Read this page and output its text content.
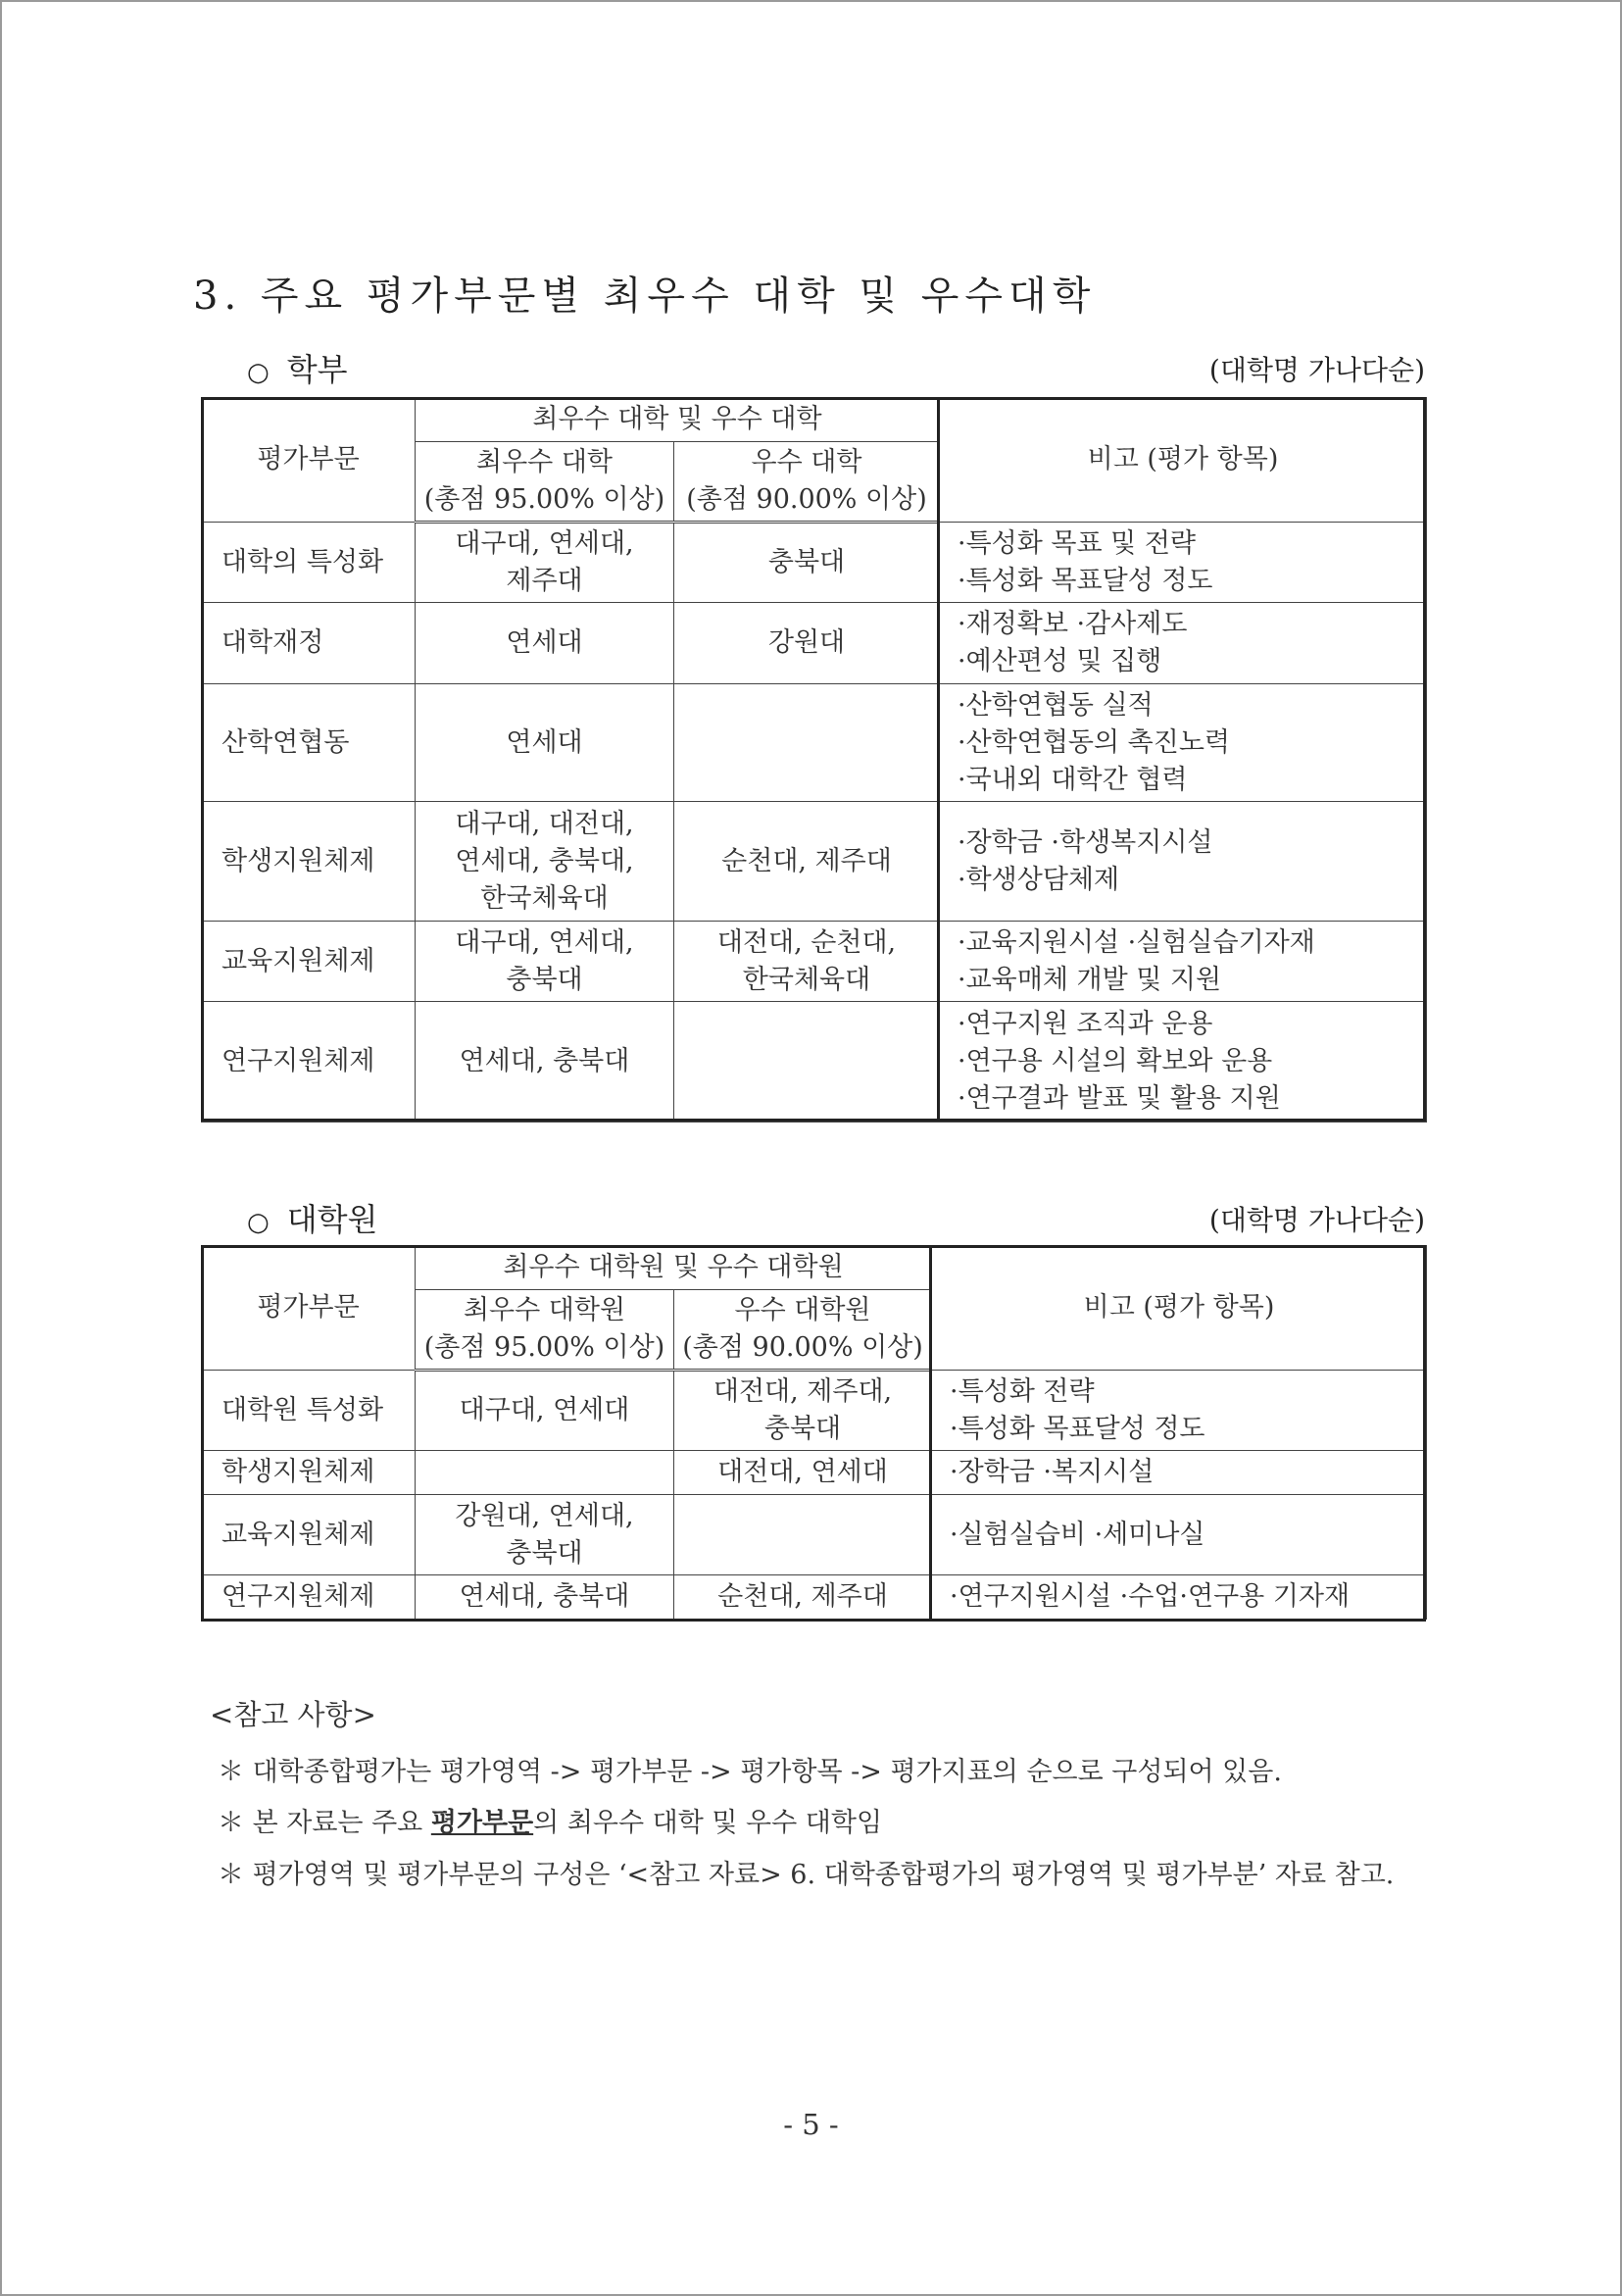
3. 주요 평가부문별 최우수 대학 및 우수대학
○ 학부	(대학명 가나다순)
평가부문	최우수 대학 및 우수 대학		비고 (평가 항목)

	최우수 대학
(총점 95.00% 이상)	우수 대학
(총점 90.00% 이상)	

대학의 특성화	대구대, 연세대,
제주대	충북대	·특성화 목표 및 전략
·특성화 목표달성 정도

대학재정	연세대	강원대	·재정확보 ·감사제도
·예산편성 및 집행

산학연협동	연세대		·산학연협동 실적
·산학연협동의 촉진노력
·국내외 대학간 협력

학생지원체제	대구대, 대전대,
연세대, 충북대,
한국체육대	순천대, 제주대	·장학금 ·학생복지시설
·학생상담체제

교육지원체제	대구대, 연세대,
충북대	대전대, 순천대,
한국체육대	·교육지원시설 ·실험실습기자재
·교육매체 개발 및 지원

연구지원체제	연세대, 충북대		·연구지원 조직과 운용
·연구용 시설의 확보와 운용
·연구결과 발표 및 활용 지원
○ 대학원	(대학명 가나다순)
평가부문	최우수 대학원 및 우수 대학원		비고 (평가 항목)

	최우수 대학원
(총점 95.00% 이상)	우수 대학원
(총점 90.00% 이상)	

대학원 특성화	대구대, 연세대	대전대, 제주대,
충북대	·특성화 전략
·특성화 목표달성 정도

학생지원체제		대전대, 연세대	·장학금 ·복지시설

교육지원체제	강원대, 연세대,
충북대		·실험실습비 ·세미나실

연구지원체제	연세대, 충북대	순천대, 제주대	·연구지원시설 ·수업·연구용 기자재
<참고 사항>
＊ 대학종합평가는 평가영역 -> 평가부문 -> 평가항목 -> 평가지표의 순으로 구성되어 있음.
＊ 본 자료는 주요 평가부문의 최우수 대학 및 우수 대학임
＊ 평가영역 및 평가부문의 구성은 ‘<참고 자료> 6. 대학종합평가의 평가영역 및 평가부분’ 자료 참고.
- 5 -
